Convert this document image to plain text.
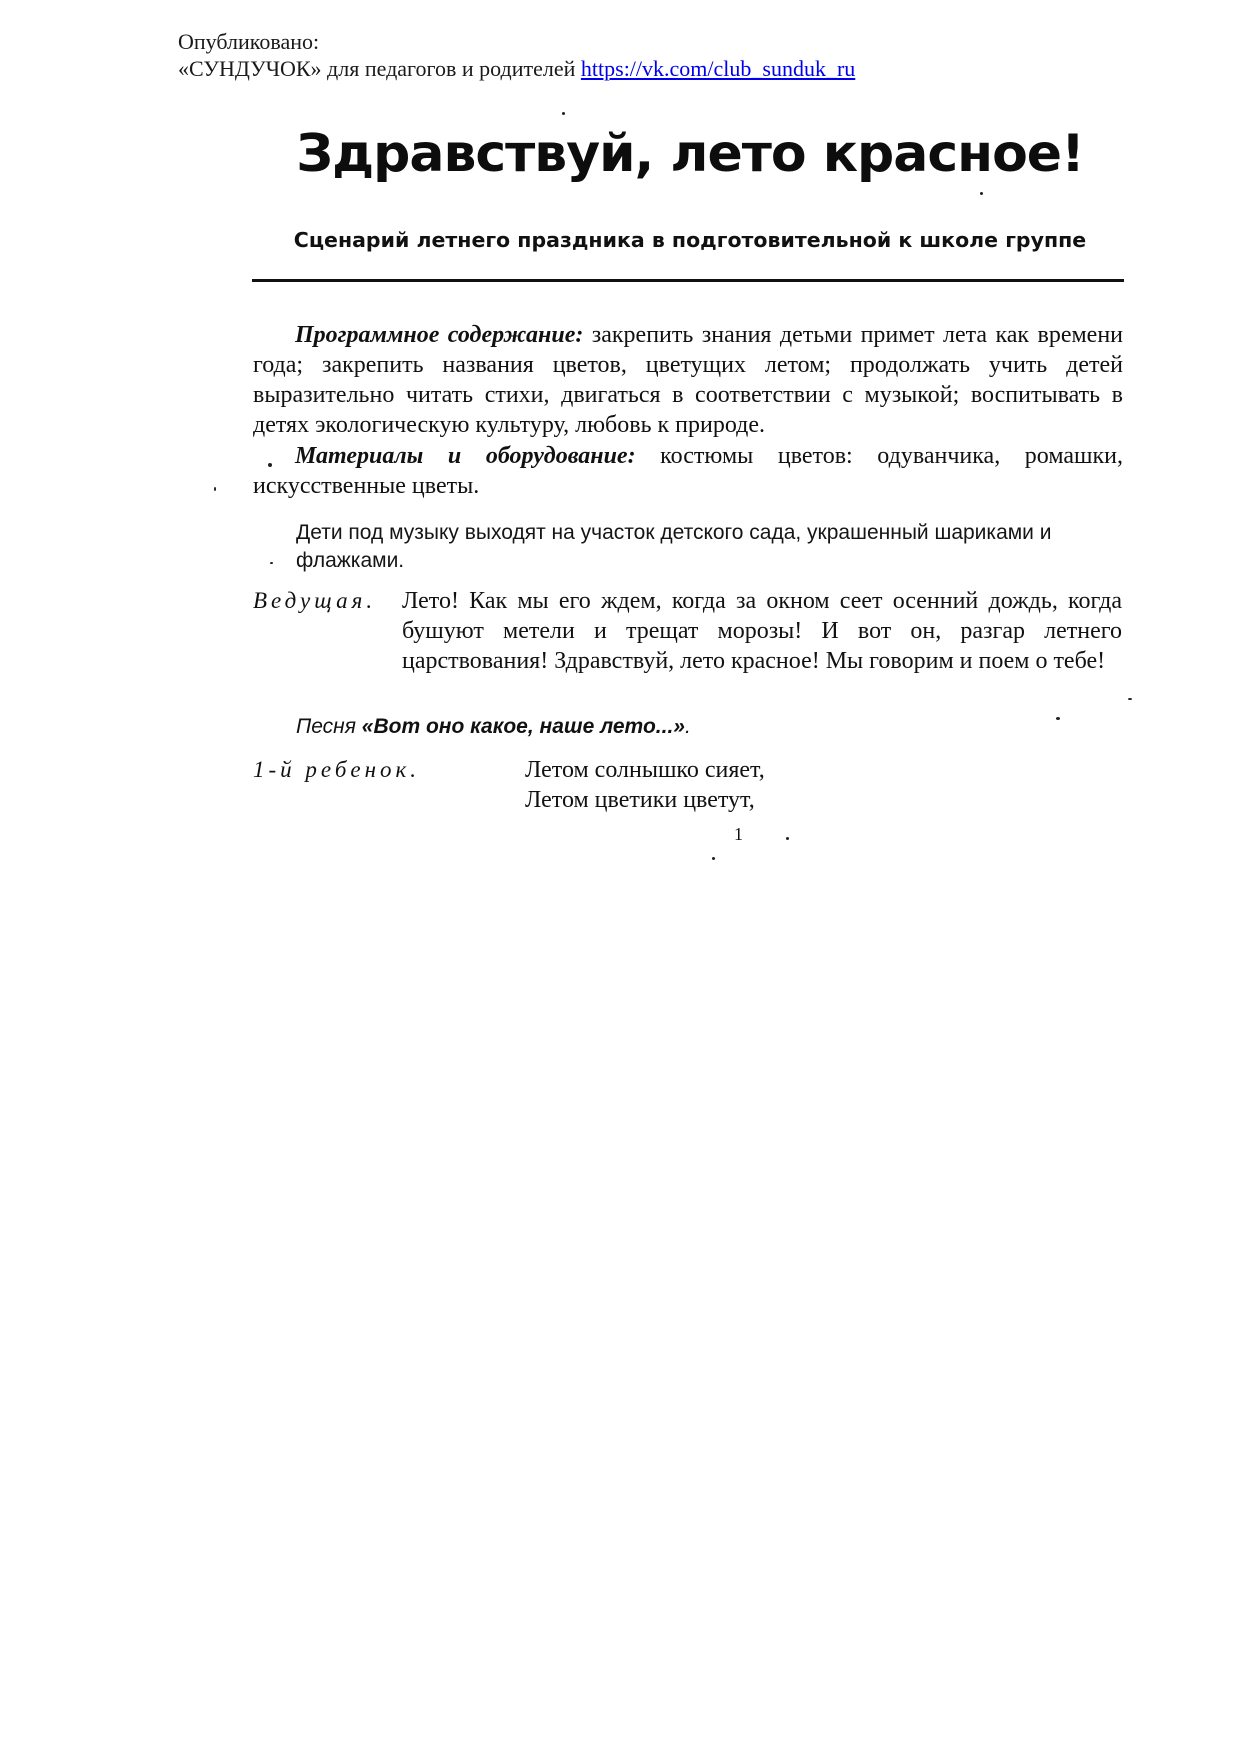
Опубликовано:
«СУНДУЧОК» для педагогов и родителей https://vk.com/club_sunduk_ru
Здравствуй, лето красное!
Сценарий летнего праздника в подготовительной к школе группе
Программное содержание: закрепить знания детьми примет лета как времени года; закрепить названия цветов, цветущих летом; продолжать учить детей выразительно читать стихи, двигаться в соответствии с музыкой; воспитывать в детях экологическую культуру, любовь к природе.
Материалы и оборудование: костюмы цветов: одуванчика, ромашки, искусственные цветы.
Дети под музыку выходят на участок детского сада, украшенный шариками и флажками.
Ведущая. Лето! Как мы его ждем, когда за окном сеет осенний дождь, когда бушуют метели и трещат морозы! И вот он, разгар летнего царствования! Здравствуй, лето красное! Мы говорим и поем о тебе!
Песня «Вот оно какое, наше лето...».
1-й ребенок.	Летом солнышко сияет,
Летом цветики цветут,
1
